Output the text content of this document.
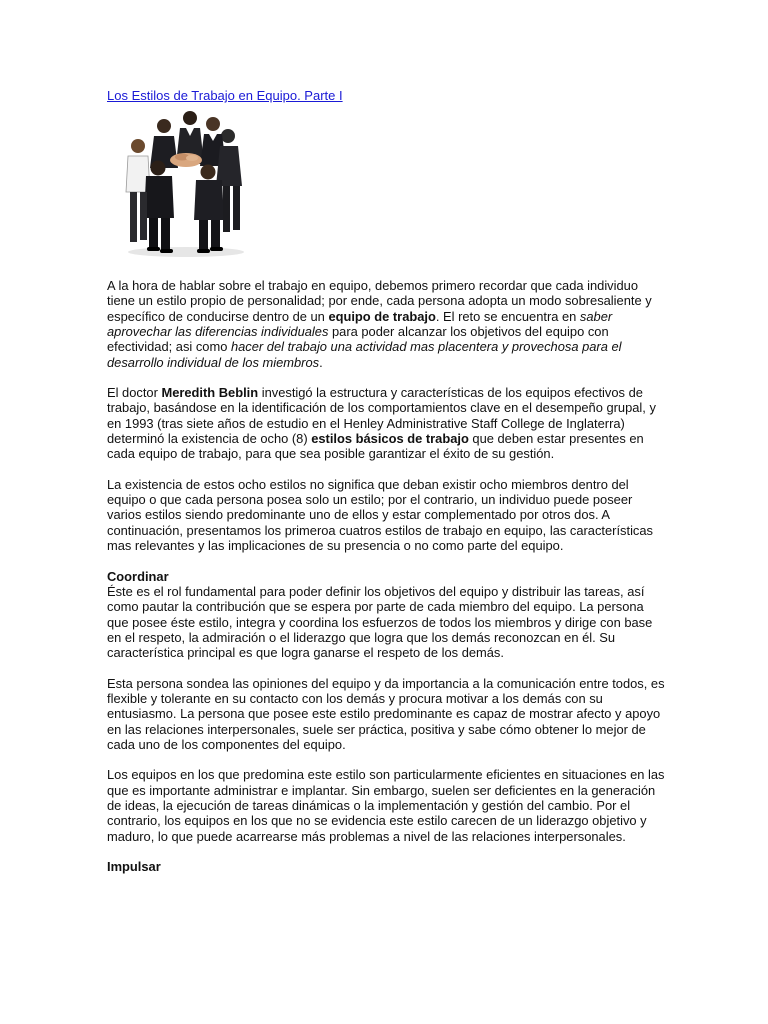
Los Estilos de Trabajo en Equipo. Parte I

A la hora de hablar sobre el trabajo en equipo, debemos primero recordar que cada individuo tiene un estilo propio de personalidad; por ende, cada persona adopta un modo sobresaliente y específico de conducirse dentro de un equipo de trabajo. El reto se encuentra en saber aprovechar las diferencias individuales para poder alcanzar los objetivos del equipo con efectividad; asi como hacer del trabajo una actividad mas placentera y provechosa para el desarrollo individual de los miembros.

El doctor Meredith Beblin investigó la estructura y características de los equipos efectivos de trabajo, basándose en la identificación de los comportamientos clave en el desempeño grupal, y en 1993 (tras siete años de estudio en el Henley Administrative Staff College de Inglaterra) determinó la existencia de ocho (8) estilos básicos de trabajo que deben estar presentes en cada equipo de trabajo, para que sea posible garantizar el éxito de su gestión.

La existencia de estos ocho estilos no significa que deban existir ocho miembros dentro del equipo o que cada persona posea solo un estilo; por el contrario, un individuo puede poseer varios estilos siendo predominante uno de ellos y estar complementado por otros dos. A continuación, presentamos los primeroa cuatros estilos de trabajo en equipo, las características mas relevantes y las implicaciones de su presencia o no como parte del equipo.

Coordinar

Éste es el rol fundamental para poder definir los objetivos del equipo y distribuir las tareas, así como pautar la contribución que se espera por parte de cada miembro del equipo. La persona que posee éste estilo, integra y coordina los esfuerzos de todos los miembros y dirige con base en el respeto, la admiración o el liderazgo que logra que los demás reconozcan en él. Su característica principal es que logra ganarse el respeto de los demás.

Esta persona sondea las opiniones del equipo y da importancia a la comunicación entre todos, es flexible y tolerante en su contacto con los demás y procura motivar a los demás con su entusiasmo. La persona que posee este estilo predominante es capaz de mostrar afecto y apoyo en las relaciones interpersonales, suele ser práctica, positiva y sabe cómo obtener lo mejor de cada uno de los componentes del equipo.

Los equipos en los que predomina este estilo son particularmente eficientes en situaciones en las que es importante administrar e implantar. Sin embargo, suelen ser deficientes en la generación de ideas, la ejecución de tareas dinámicas o la implementación y gestión del cambio. Por el contrario, los equipos en los que no se evidencia este estilo carecen de un liderazgo objetivo y maduro, lo que puede acarrearse más problemas a nivel de las relaciones interpersonales.

Impulsar
